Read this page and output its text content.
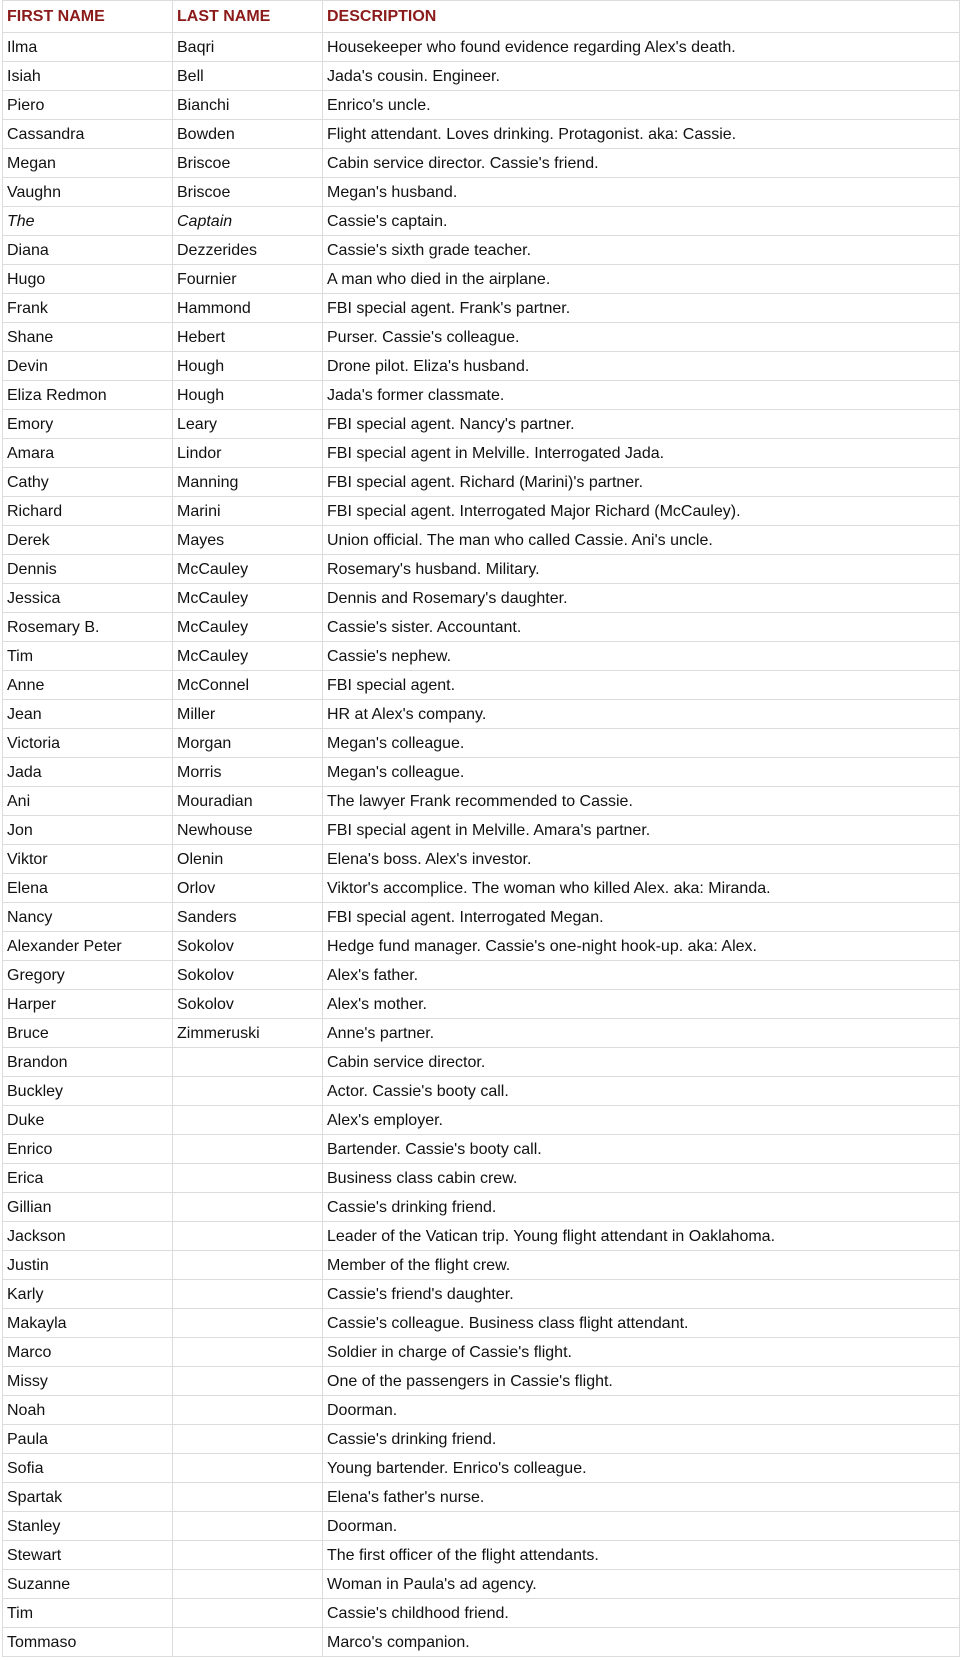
FIRST NAME	LAST NAME	DESCRIPTION
Ilma	Baqri	Housekeeper who found evidence regarding Alex's death.
Isiah	Bell	Jada's cousin. Engineer.
Piero	Bianchi	Enrico's uncle.
Cassandra	Bowden	Flight attendant. Loves drinking. Protagonist. aka: Cassie.
Megan	Briscoe	Cabin service director. Cassie's friend.
Vaughn	Briscoe	Megan's husband.
The	Captain	Cassie's captain.
Diana	Dezzerides	Cassie's sixth grade teacher.
Hugo	Fournier	A man who died in the airplane.
Frank	Hammond	FBI special agent. Frank's partner.
Shane	Hebert	Purser. Cassie's colleague.
Devin	Hough	Drone pilot. Eliza's husband.
Eliza Redmon	Hough	Jada's former classmate.
Emory	Leary	FBI special agent. Nancy's partner.
Amara	Lindor	FBI special agent in Melville. Interrogated Jada.
Cathy	Manning	FBI special agent. Richard (Marini)'s partner.
Richard	Marini	FBI special agent. Interrogated Major Richard (McCauley).
Derek	Mayes	Union official. The man who called Cassie. Ani's uncle.
Dennis	McCauley	Rosemary's husband. Military.
Jessica	McCauley	Dennis and Rosemary's daughter.
Rosemary B.	McCauley	Cassie's sister. Accountant.
Tim	McCauley	Cassie's nephew.
Anne	McConnel	FBI special agent.
Jean	Miller	HR at Alex's company.
Victoria	Morgan	Megan's colleague.
Jada	Morris	Megan's colleague.
Ani	Mouradian	The lawyer Frank recommended to Cassie.
Jon	Newhouse	FBI special agent in Melville. Amara's partner.
Viktor	Olenin	Elena's boss. Alex's investor.
Elena	Orlov	Viktor's accomplice. The woman who killed Alex. aka: Miranda.
Nancy	Sanders	FBI special agent. Interrogated Megan.
Alexander Peter	Sokolov	Hedge fund manager. Cassie's one-night hook-up. aka: Alex.
Gregory	Sokolov	Alex's father.
Harper	Sokolov	Alex's mother.
Bruce	Zimmeruski	Anne's partner.
Brandon		Cabin service director.
Buckley		Actor. Cassie's booty call.
Duke		Alex's employer.
Enrico		Bartender. Cassie's booty call.
Erica		Business class cabin crew.
Gillian		Cassie's drinking friend.
Jackson		Leader of the Vatican trip. Young flight attendant in Oaklahoma.
Justin		Member of the flight crew.
Karly		Cassie's friend's daughter.
Makayla		Cassie's colleague. Business class flight attendant.
Marco		Soldier in charge of Cassie's flight.
Missy		One of the passengers in Cassie's flight.
Noah		Doorman.
Paula		Cassie's drinking friend.
Sofia		Young bartender. Enrico's colleague.
Spartak		Elena's father's nurse.
Stanley		Doorman.
Stewart		The first officer of the flight attendants.
Suzanne		Woman in Paula's ad agency.
Tim		Cassie's childhood friend.
Tommaso		Marco's companion.
